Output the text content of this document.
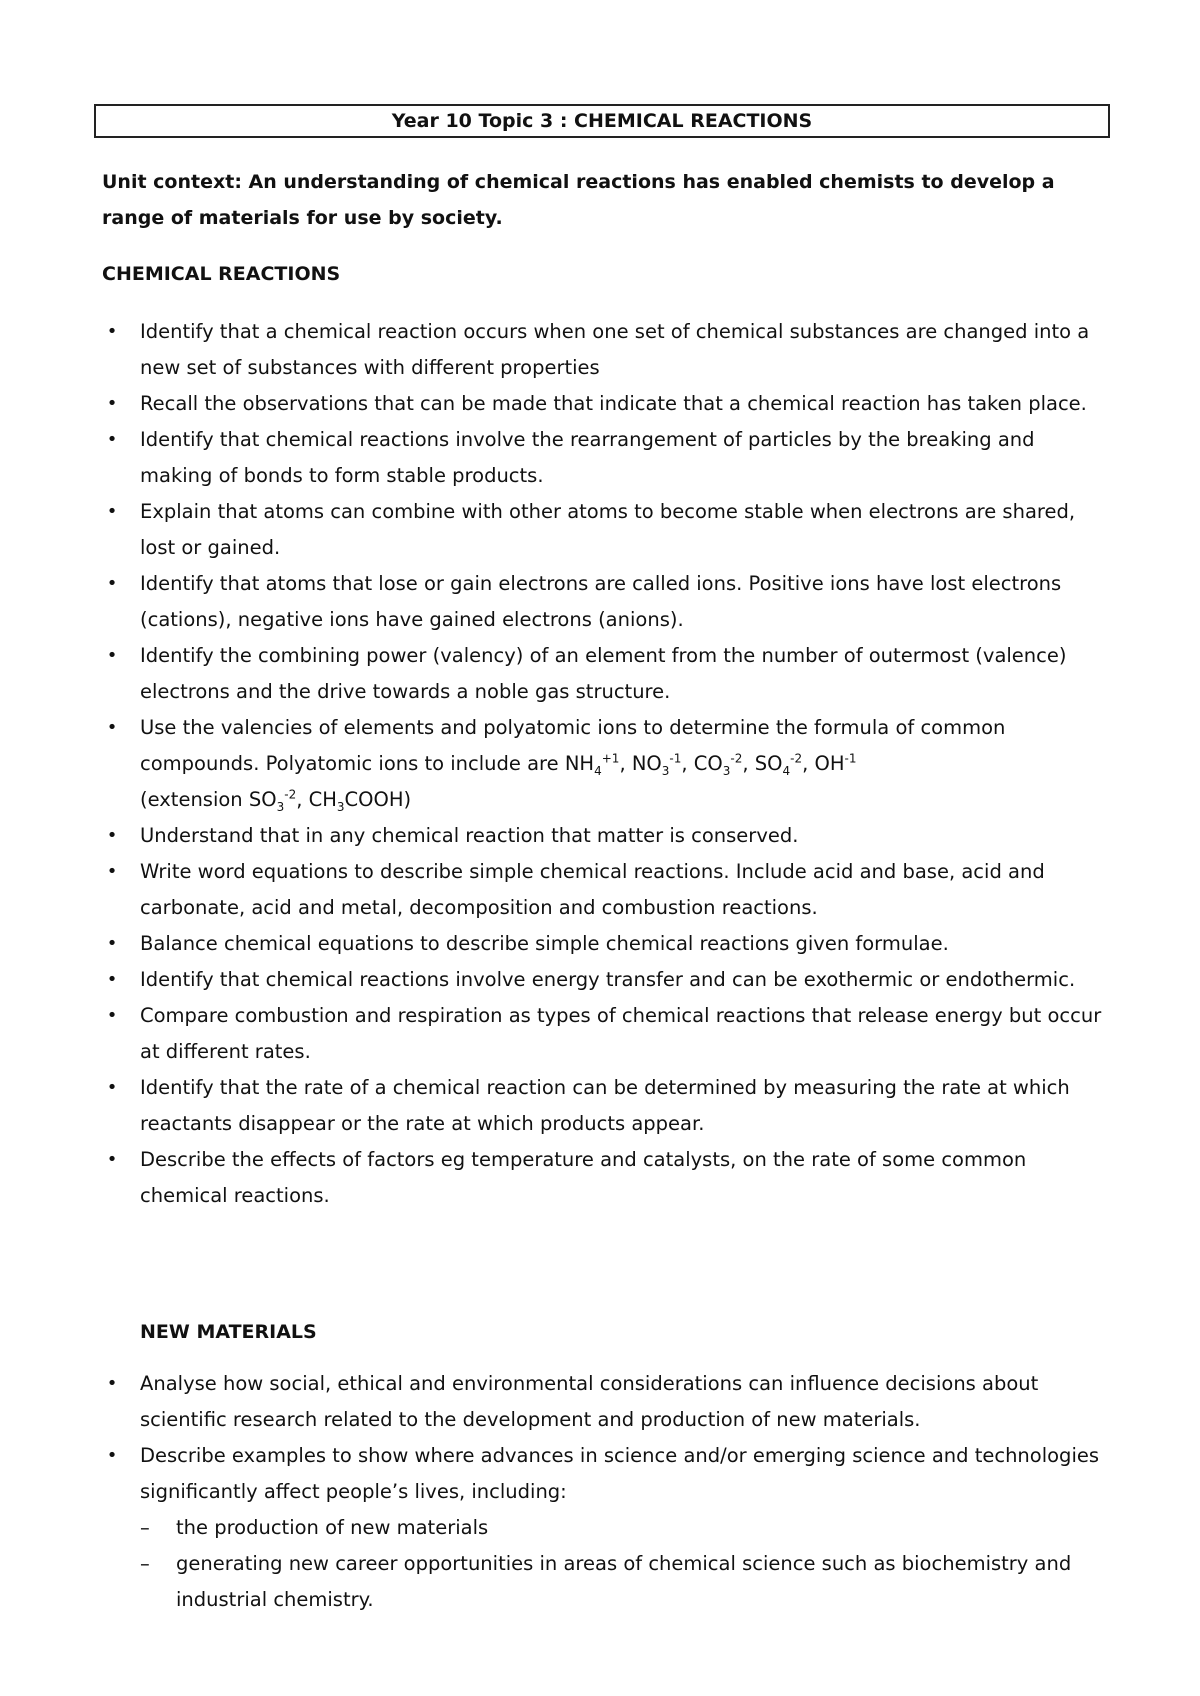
Year 10 Topic 3 : CHEMICAL REACTIONS
Unit context: An understanding of chemical reactions has enabled chemists to develop a range of materials for use by society.
CHEMICAL REACTIONS
• Identify that a chemical reaction occurs when one set of chemical substances are changed into a new set of substances with different properties
• Recall the observations that can be made that indicate that a chemical reaction has taken place.
• Identify that chemical reactions involve the rearrangement of particles by the breaking and making of bonds to form stable products.
• Explain that atoms can combine with other atoms to become stable when electrons are shared, lost or gained.
• Identify that atoms that lose or gain electrons are called ions. Positive ions have lost electrons (cations), negative ions have gained electrons (anions).
• Identify the combining power (valency) of an element from the number of outermost (valence) electrons and the drive towards a noble gas structure.
• Use the valencies of elements and polyatomic ions to determine the formula of common compounds. Polyatomic ions to include are $NH_4^{+1}$, $NO_3^{-1}$, $CO_3^{-2}$, $SO_4^{-2}$, $OH^{-1}$
(extension $SO_3^{-2}$, $CH_3COOH$)
• Understand that in any chemical reaction that matter is conserved.
• Write word equations to describe simple chemical reactions. Include acid and base, acid and carbonate, acid and metal, decomposition and combustion reactions.
• Balance chemical equations to describe simple chemical reactions given formulae.
• Identify that chemical reactions involve energy transfer and can be exothermic or endothermic.
• Compare combustion and respiration as types of chemical reactions that release energy but occur at different rates.
• Identify that the rate of a chemical reaction can be determined by measuring the rate at which reactants disappear or the rate at which products appear.
• Describe the effects of factors eg temperature and catalysts, on the rate of some common chemical reactions.
NEW MATERIALS
• Analyse how social, ethical and environmental considerations can influence decisions about scientific research related to the development and production of new materials.
• Describe examples to show where advances in science and/or emerging science and technologies significantly affect people’s lives, including:
– the production of new materials
– generating new career opportunities in areas of chemical science such as biochemistry and industrial chemistry.
